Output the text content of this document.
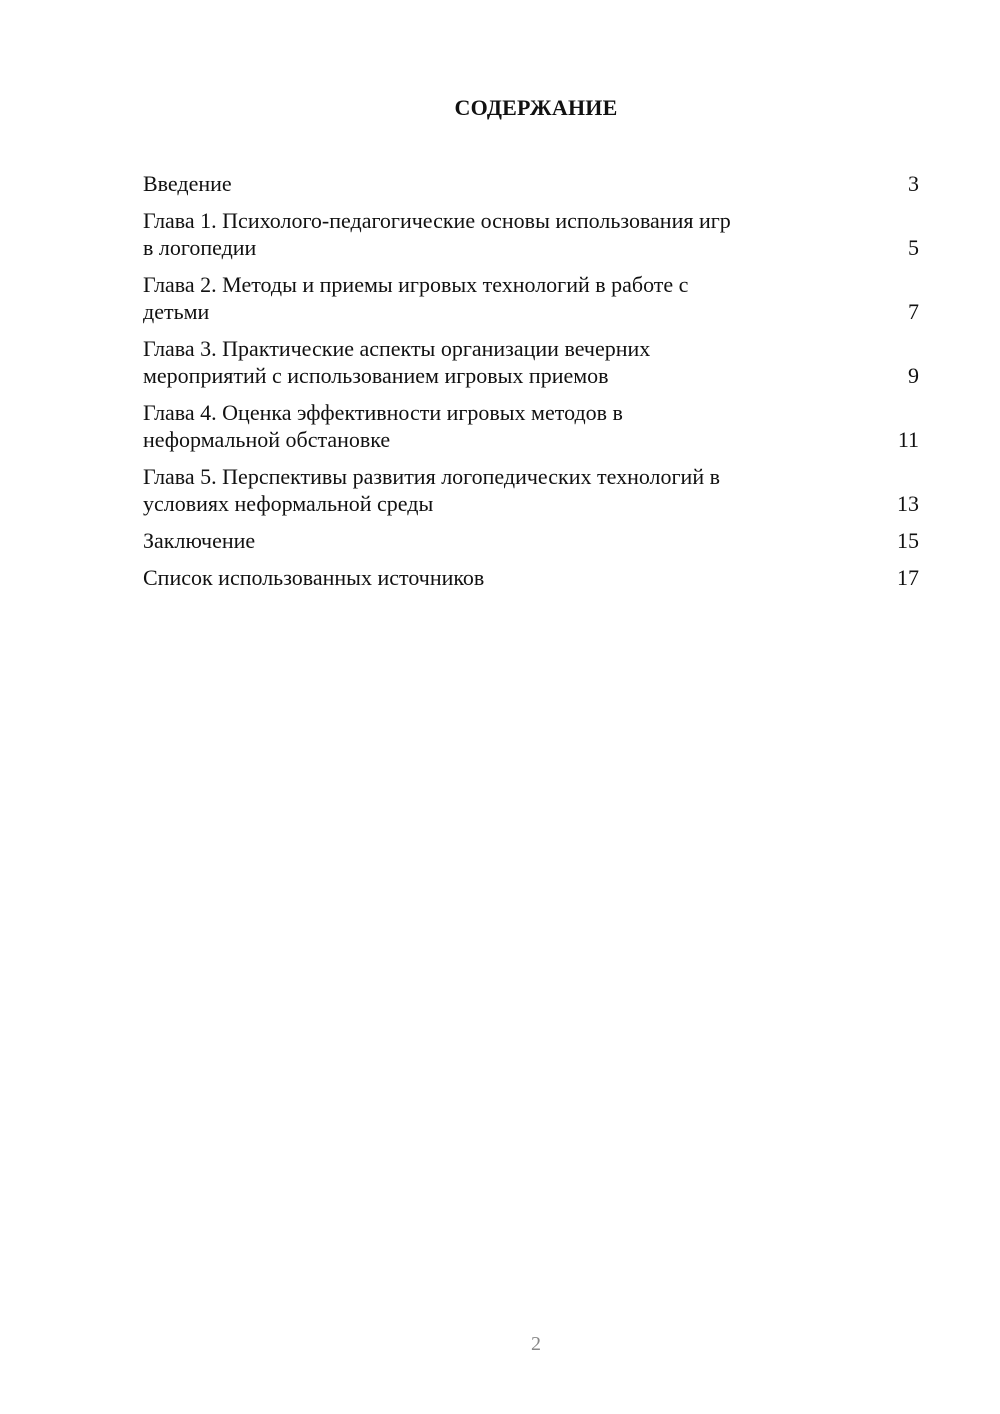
СОДЕРЖАНИЕ
Введение	3
Глава 1. Психолого-педагогические основы использования игр
в логопедии	5
Глава 2. Методы и приемы игровых технологий в работе с
детьми	7
Глава 3. Практические аспекты организации вечерних
мероприятий с использованием игровых приемов	9
Глава 4. Оценка эффективности игровых методов в
неформальной обстановке	11
Глава 5. Перспективы развития логопедических технологий в
условиях неформальной среды	13
Заключение	15
Список использованных источников	17
2
